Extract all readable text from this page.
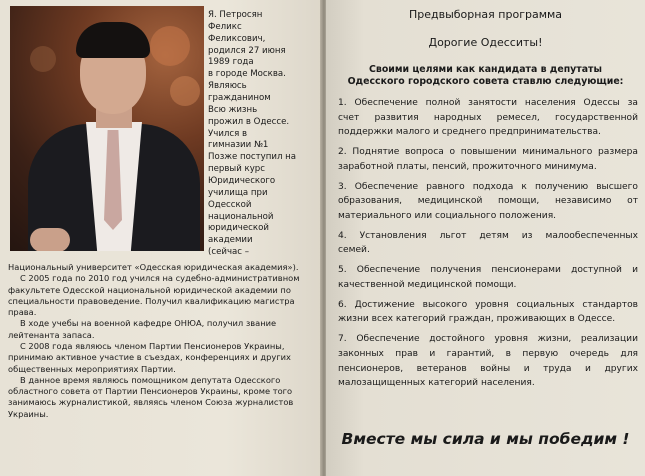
Я. Петросян
Феликс
Феликсович,
родился 27 июня
1989 года
в городе Москва.
Являюсь
гражданином
Всю жизнь
прожил в Одессе.
Учился в
гимназии №1
Позже поступил на
первый курс
Юридического
училища при
Одесской
национальной
юридической
академии
(сейчас –

Национальный университет «Одесская юридическая академия»).

С 2005 года по 2010 год учился на судебно-административном факультете Одесской национальной юридической академии по специальности правоведение. Получил квалификацию магистра права.

В ходе учебы на военной кафедре ОНЮА, получил звание лейтенанта запаса.

С 2008 года являюсь членом Партии Пенсионеров Украины, принимаю активное участие в съездах, конференциях и других общественных мероприятиях Партии.

В данное время являюсь помощником депутата Одесского областного совета от Партии Пенсионеров Украины, кроме того занимаюсь журналистикой, являясь членом Союза журналистов Украины.

Предвыборная программа
Дорогие Одесситы!
Своими целями как кандидата в депутаты
Одесского городского совета ставлю следующие:
1. Обеспечение полной занятости населения Одессы за
счет развития народных ремесел, государственной
поддержки малого и среднего предпринимательства.
2. Поднятие вопроса о повышении минимального размера
заработной платы, пенсий, прожиточного минимума.
3. Обеспечение равного подхода к получению высшего
образования, медицинской помощи, независимо от
материального или социального положения.
4. Установления льгот детям из малообеспеченных
семей.
5. Обеспечение получения пенсионерами доступной и
качественной медицинской помощи.
6. Достижение высокого уровня социальных стандартов
жизни всех категорий граждан, проживающих в Одессе.
7. Обеспечение достойного уровня жизни, реализации
законных прав и гарантий, в первую очередь для
пенсионеров, ветеранов войны и труда и других
малозащищенных категорий населения.
Вместе мы сила и мы победим !
